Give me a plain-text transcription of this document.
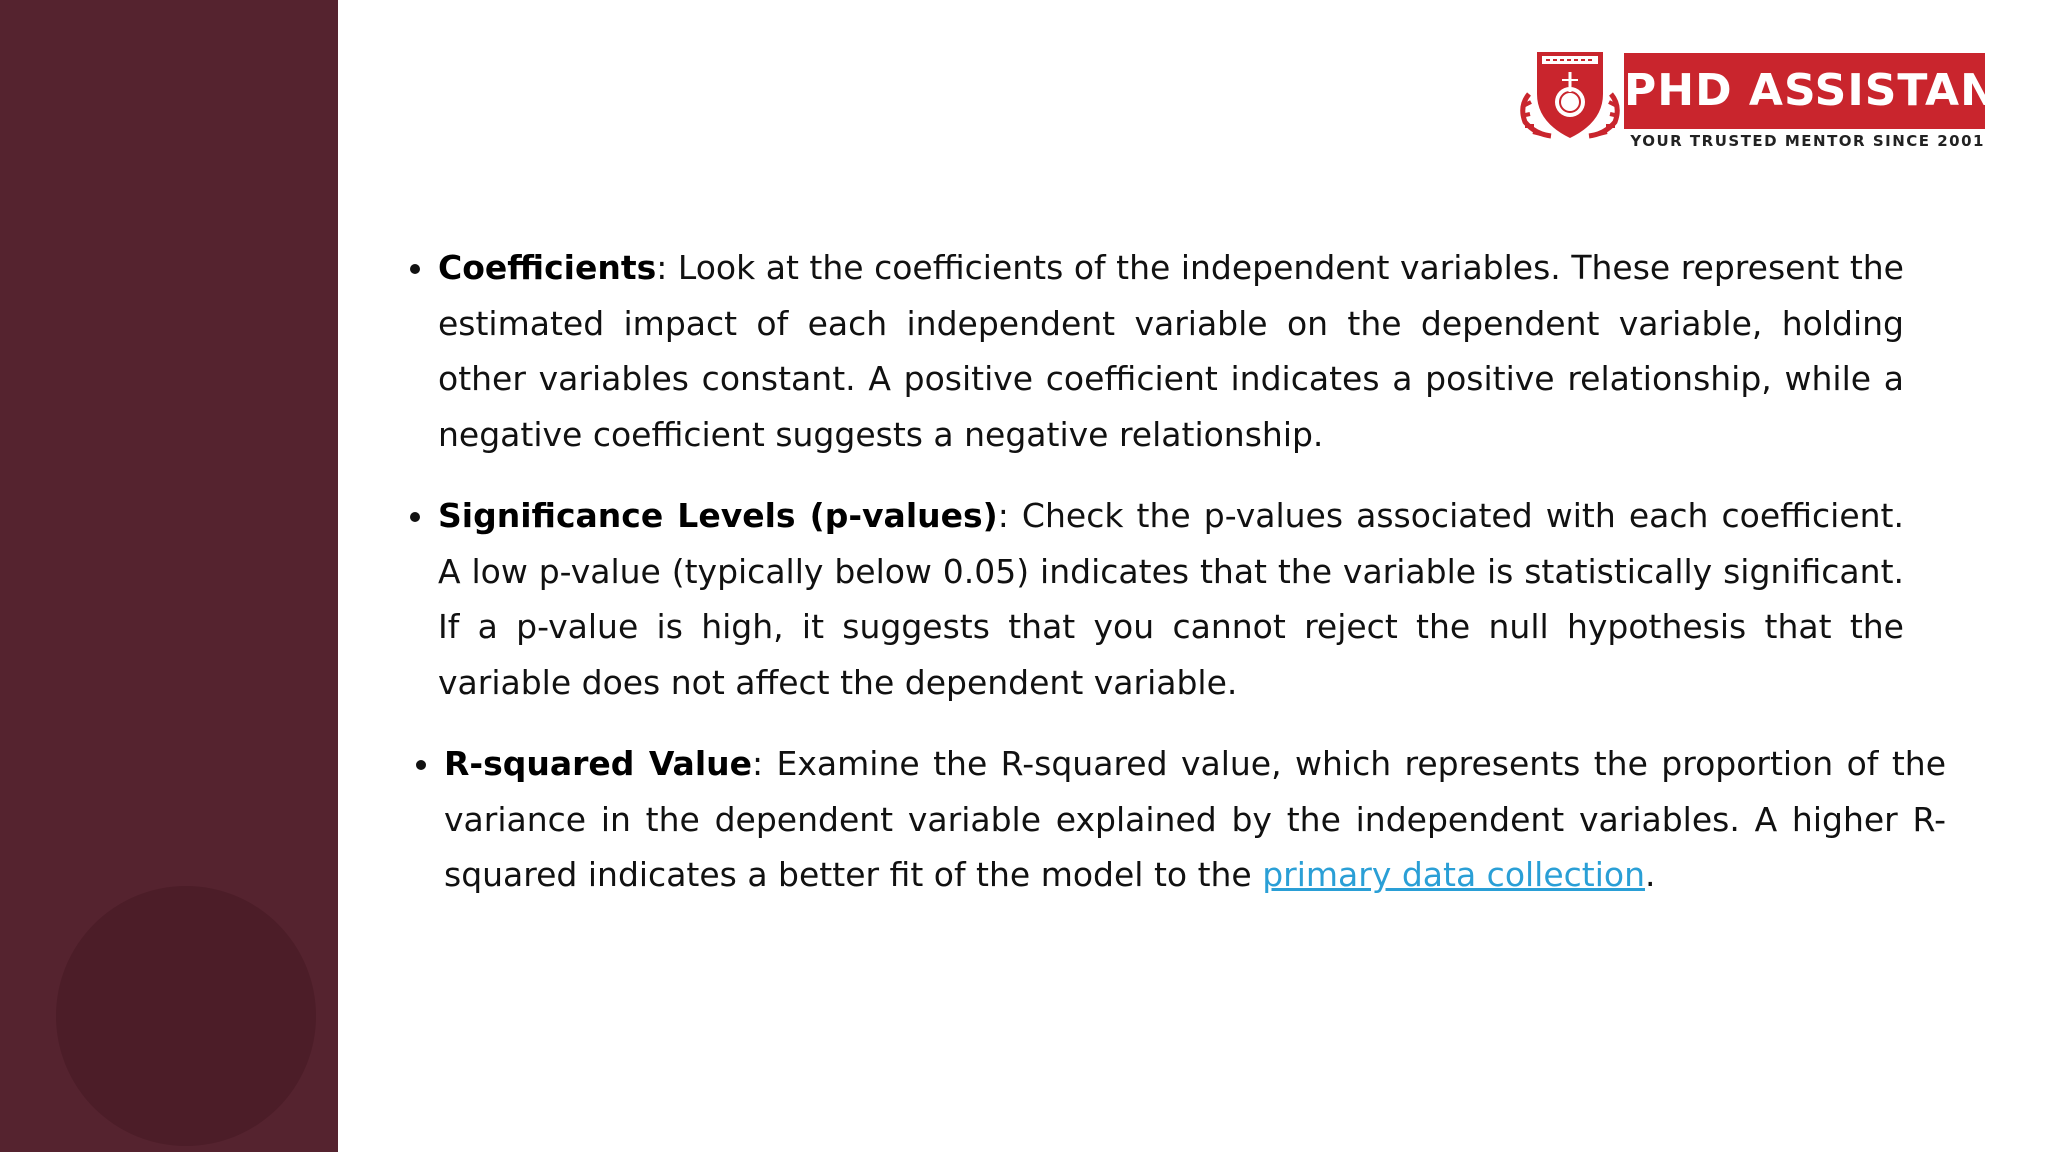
PHD ASSISTANCE
YOUR TRUSTED MENTOR SINCE 2001
Coefficients: Look at the coefficients of the independent variables. These represent the estimated impact of each independent variable on the dependent variable, holding other variables constant. A positive coefficient indicates a positive relationship, while a negative coefficient suggests a negative relationship.
Significance Levels (p-values): Check the p-values associated with each coefficient. A low p-value (typically below 0.05) indicates that the variable is statistically significant. If a p-value is high, it suggests that you cannot reject the null hypothesis that the variable does not affect the dependent variable.
R-squared Value: Examine the R-squared value, which represents the proportion of the variance in the dependent variable explained by the independent variables. A higher R-squared indicates a better fit of the model to the primary data collection.
